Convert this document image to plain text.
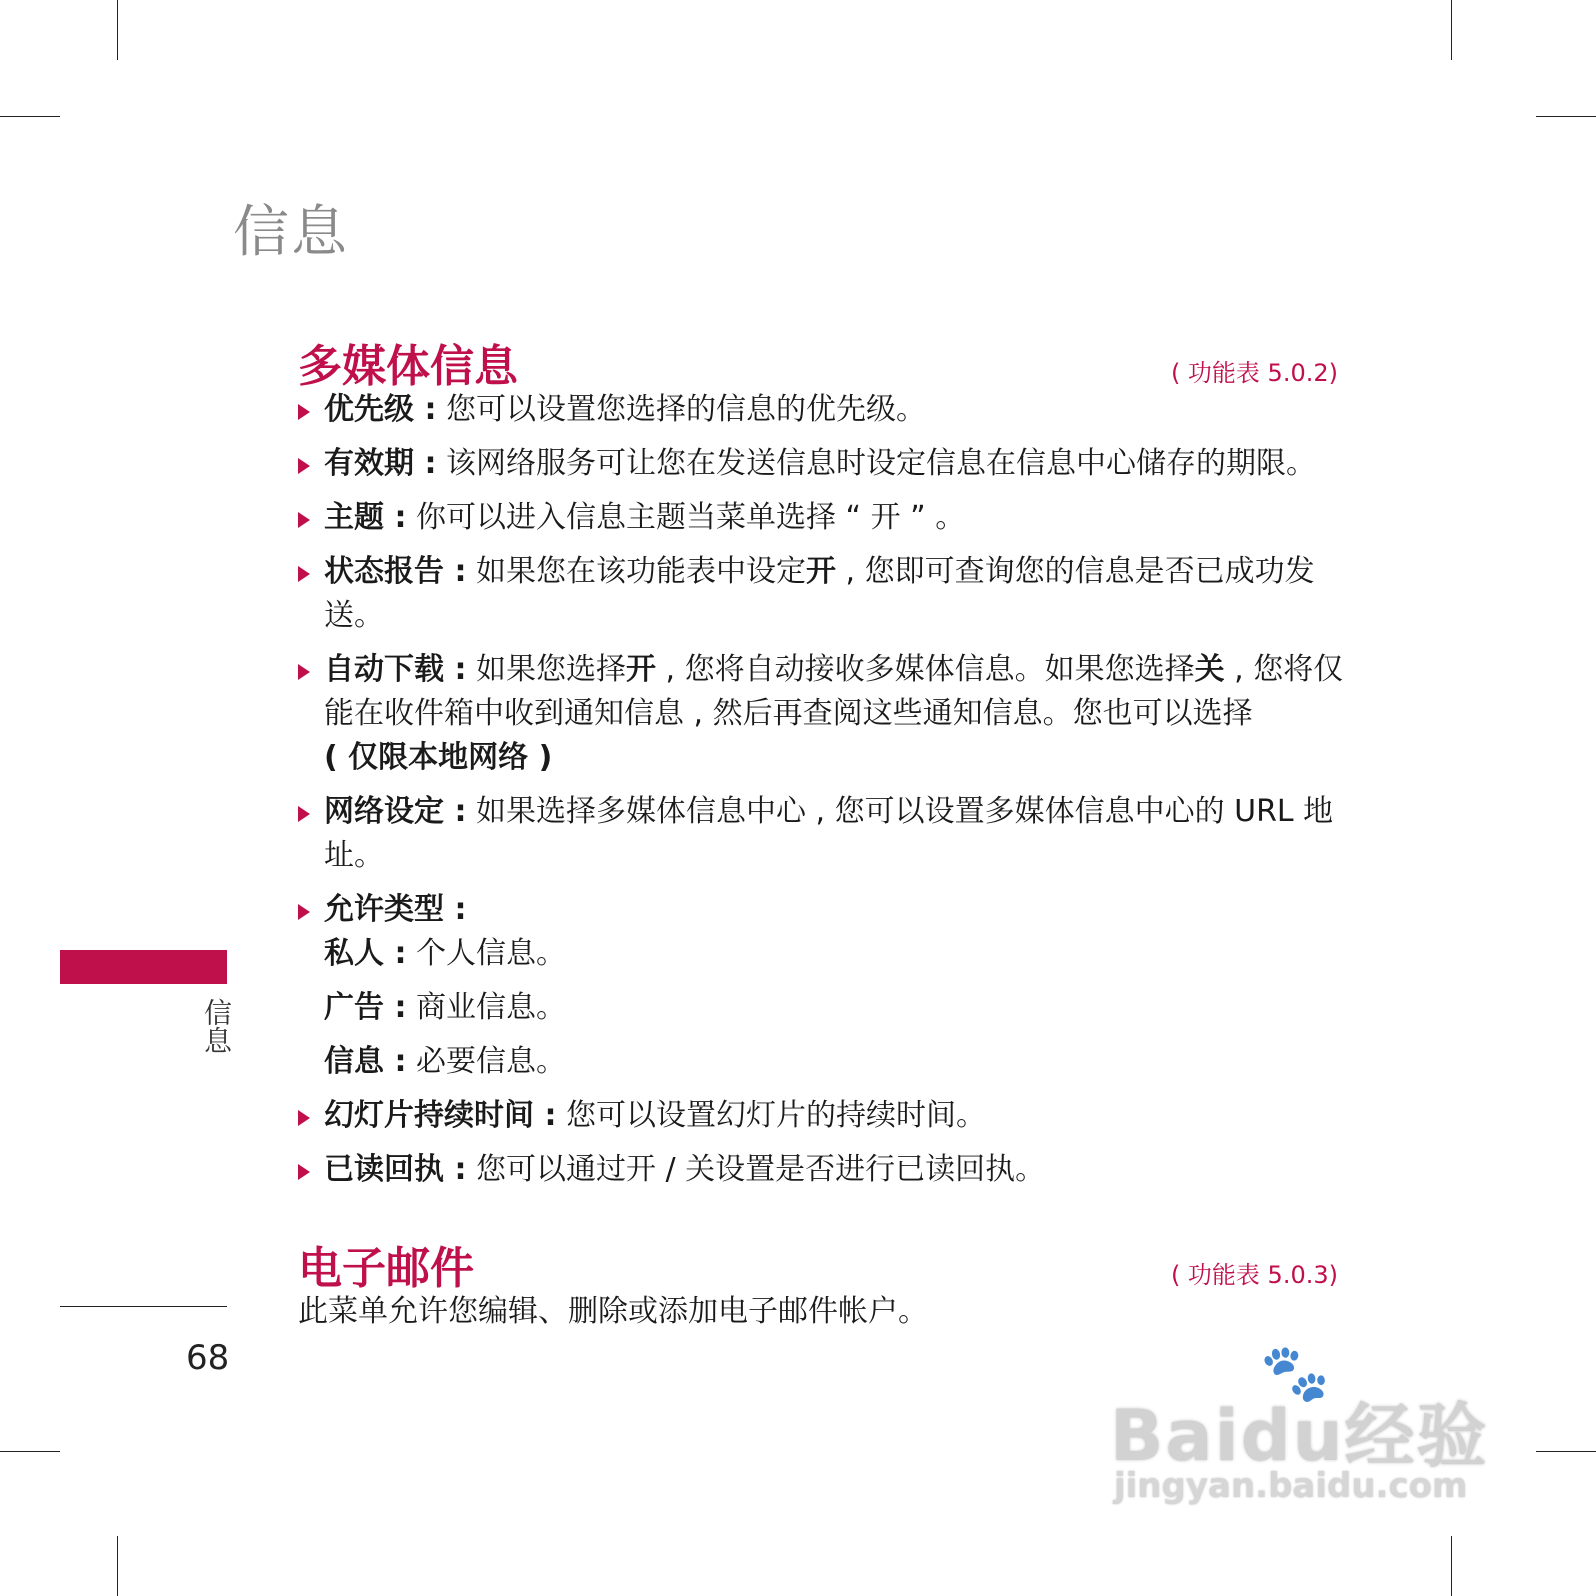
信息
多媒体信息	( 功能表 5.0.2)
优先级 : 您可以设置您选择的信息的优先级。
有效期 : 该网络服务可让您在发送信息时设定信息在信息中心储存的期限。
主题 : 你可以进入信息主题当菜单选择 “ 开 ” 。
状态报告 : 如果您在该功能表中设定开 , 您即可查询您的信息是否已成功发送。
自动下载 : 如果您选择开 , 您将自动接收多媒体信息。如果您选择关 , 您将仅能在收件箱中收到通知信息 , 然后再查阅这些通知信息。您也可以选择
( 仅限本地网络 )
网络设定 : 如果选择多媒体信息中心 , 您可以设置多媒体信息中心的 URL 地址。
允许类型 :
私人 : 个人信息。
广告 : 商业信息。
信息 : 必要信息。
幻灯片持续时间 : 您可以设置幻灯片的持续时间。
已读回执 : 您可以通过开 / 关设置是否进行已读回执。
电子邮件	( 功能表 5.0.3)
此菜单允许您编辑、删除或添加电子邮件帐户。
信息
68	🐾
Baidu经验
jingyan.baidu.com
